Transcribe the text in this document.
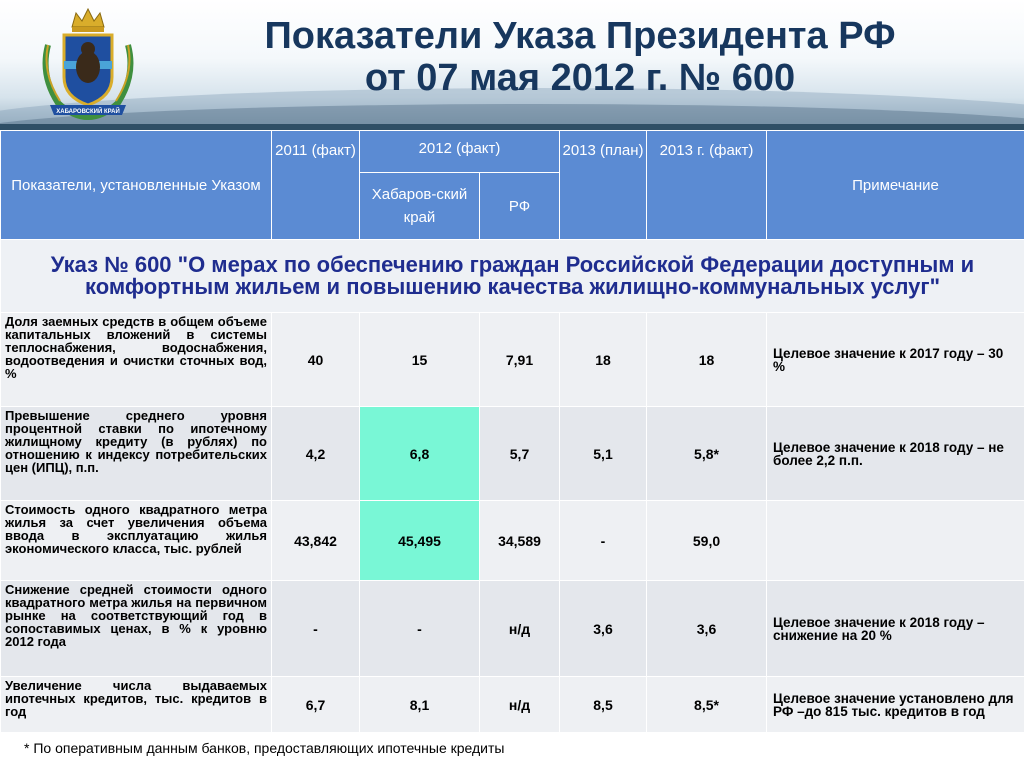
ХАБАРОВСКИЙ КРАЙ
Показатели Указа Президента РФ
от 07 мая 2012 г. № 600
Показатели, установленные Указом	2011 (факт)	2012 (факт)		2013 (план)	2013 г. (факт)	Примечание
		Хабаров-ский край	РФ			
Указ № 600 "О мерах по обеспечению граждан Российской Федерации доступным и комфортным жильем и повышению качества жилищно-коммунальных услуг"						
Доля заемных средств в общем объеме капитальных вложений в системы теплоснабжения, водоснабжения, водоотведения и очистки сточных вод, %	40	15	7,91	18	18	Целевое значение к 2017 году – 30 %
Превышение среднего уровня процентной ставки по ипотечному жилищному кредиту (в рублях) по отношению к индексу потребительских цен (ИПЦ), п.п.	4,2	6,8	5,7	5,1	5,8*	Целевое значение к 2018 году – не более 2,2 п.п.
Стоимость одного квадратного метра жилья за счет увеличения объема ввода в эксплуатацию жилья экономического класса, тыс. рублей	43,842	45,495	34,589	-	59,0	
Снижение средней стоимости одного квадратного метра жилья на первичном рынке на соответствующий год в сопоставимых ценах, в % к уровню 2012 года	-	-	н/д	3,6	3,6	Целевое значение к 2018 году – снижение на 20 %
Увеличение числа выдаваемых ипотечных кредитов, тыс. кредитов в год	6,7	8,1	н/д	8,5	8,5*	Целевое значение установлено для РФ –до 815 тыс. кредитов в год
* По оперативным данным банков, предоставляющих ипотечные кредиты
